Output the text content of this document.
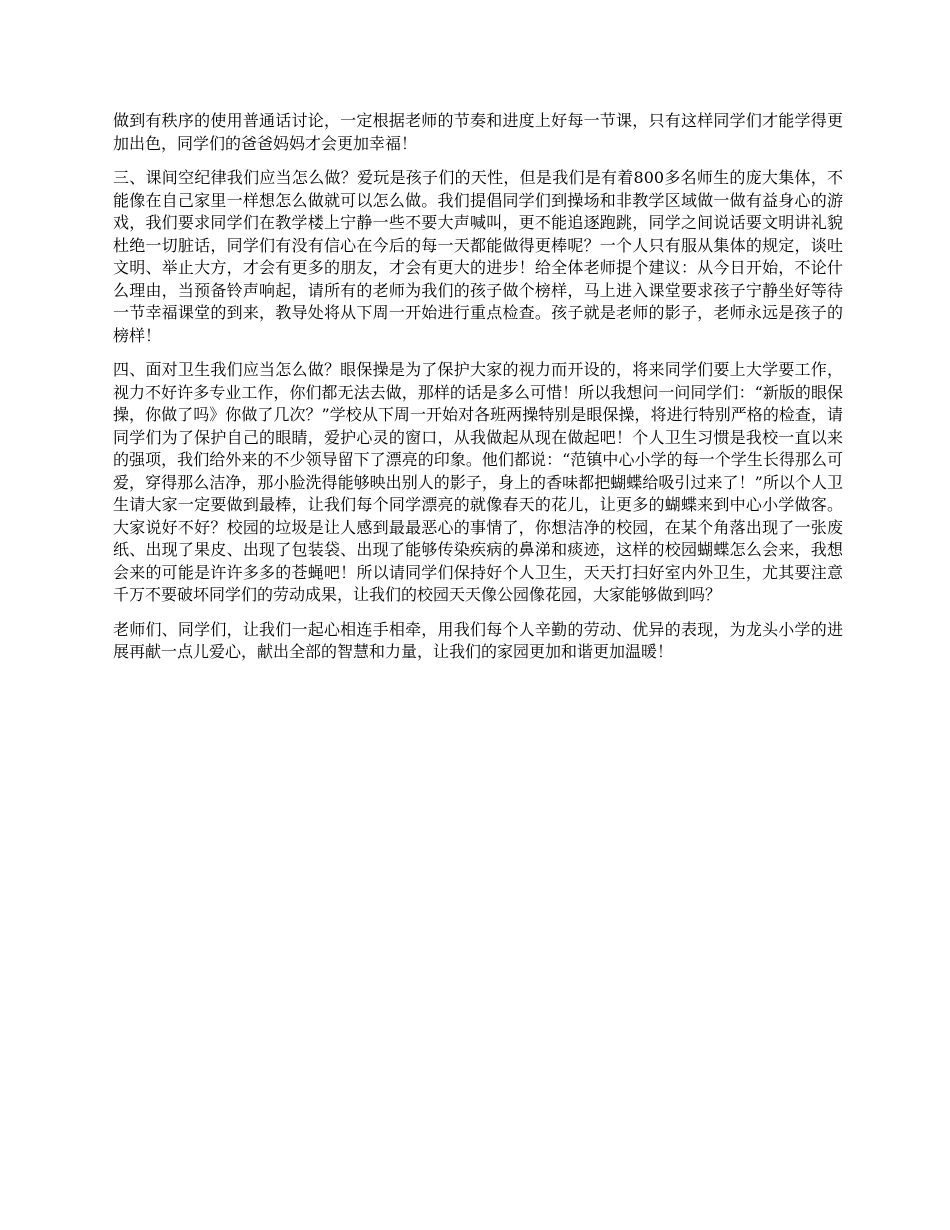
做到有秩序的使用普通话讨论，一定根据老师的节奏和进度上好每一节课，只有这样同学们才能学得更加出色，同学们的爸爸妈妈才会更加幸福！

三、课间空纪律我们应当怎么做？爱玩是孩子们的天性，但是我们是有着800多名师生的庞大集体，不能像在自己家里一样想怎么做就可以怎么做。我们提倡同学们到操场和非教学区域做一做有益身心的游戏，我们要求同学们在教学楼上宁静一些不要大声喊叫，更不能追逐跑跳，同学之间说话要文明讲礼貌杜绝一切脏话，同学们有没有信心在今后的每一天都能做得更棒呢？一个人只有服从集体的规定，谈吐文明、举止大方，才会有更多的朋友，才会有更大的进步！给全体老师提个建议：从今日开始，不论什么理由，当预备铃声响起，请所有的老师为我们的孩子做个榜样，马上进入课堂要求孩子宁静坐好等待一节幸福课堂的到来，教导处将从下周一开始进行重点检查。孩子就是老师的影子，老师永远是孩子的榜样！

四、面对卫生我们应当怎么做？眼保操是为了保护大家的视力而开设的，将来同学们要上大学要工作，视力不好许多专业工作，你们都无法去做，那样的话是多么可惜！所以我想问一问同学们：“新版的眼保操，你做了吗》你做了几次？”学校从下周一开始对各班两操特别是眼保操，将进行特别严格的检查，请同学们为了保护自己的眼睛，爱护心灵的窗口，从我做起从现在做起吧！个人卫生习惯是我校一直以来的强项，我们给外来的不少领导留下了漂亮的印象。他们都说：“范镇中心小学的每一个学生长得那么可爱，穿得那么洁净，那小脸洗得能够映出别人的影子，身上的香味都把蝴蝶给吸引过来了！”所以个人卫生请大家一定要做到最棒，让我们每个同学漂亮的就像春天的花儿，让更多的蝴蝶来到中心小学做客。大家说好不好？校园的垃圾是让人感到最最恶心的事情了，你想洁净的校园，在某个角落出现了一张废纸、出现了果皮、出现了包装袋、出现了能够传染疾病的鼻涕和痰迹，这样的校园蝴蝶怎么会来，我想会来的可能是许许多多的苍蝇吧！所以请同学们保持好个人卫生，天天打扫好室内外卫生，尤其要注意千万不要破坏同学们的劳动成果，让我们的校园天天像公园像花园，大家能够做到吗？

老师们、同学们，让我们一起心相连手相牵，用我们每个人辛勤的劳动、优异的表现，为龙头小学的进展再献一点儿爱心，献出全部的智慧和力量，让我们的家园更加和谐更加温暖！
